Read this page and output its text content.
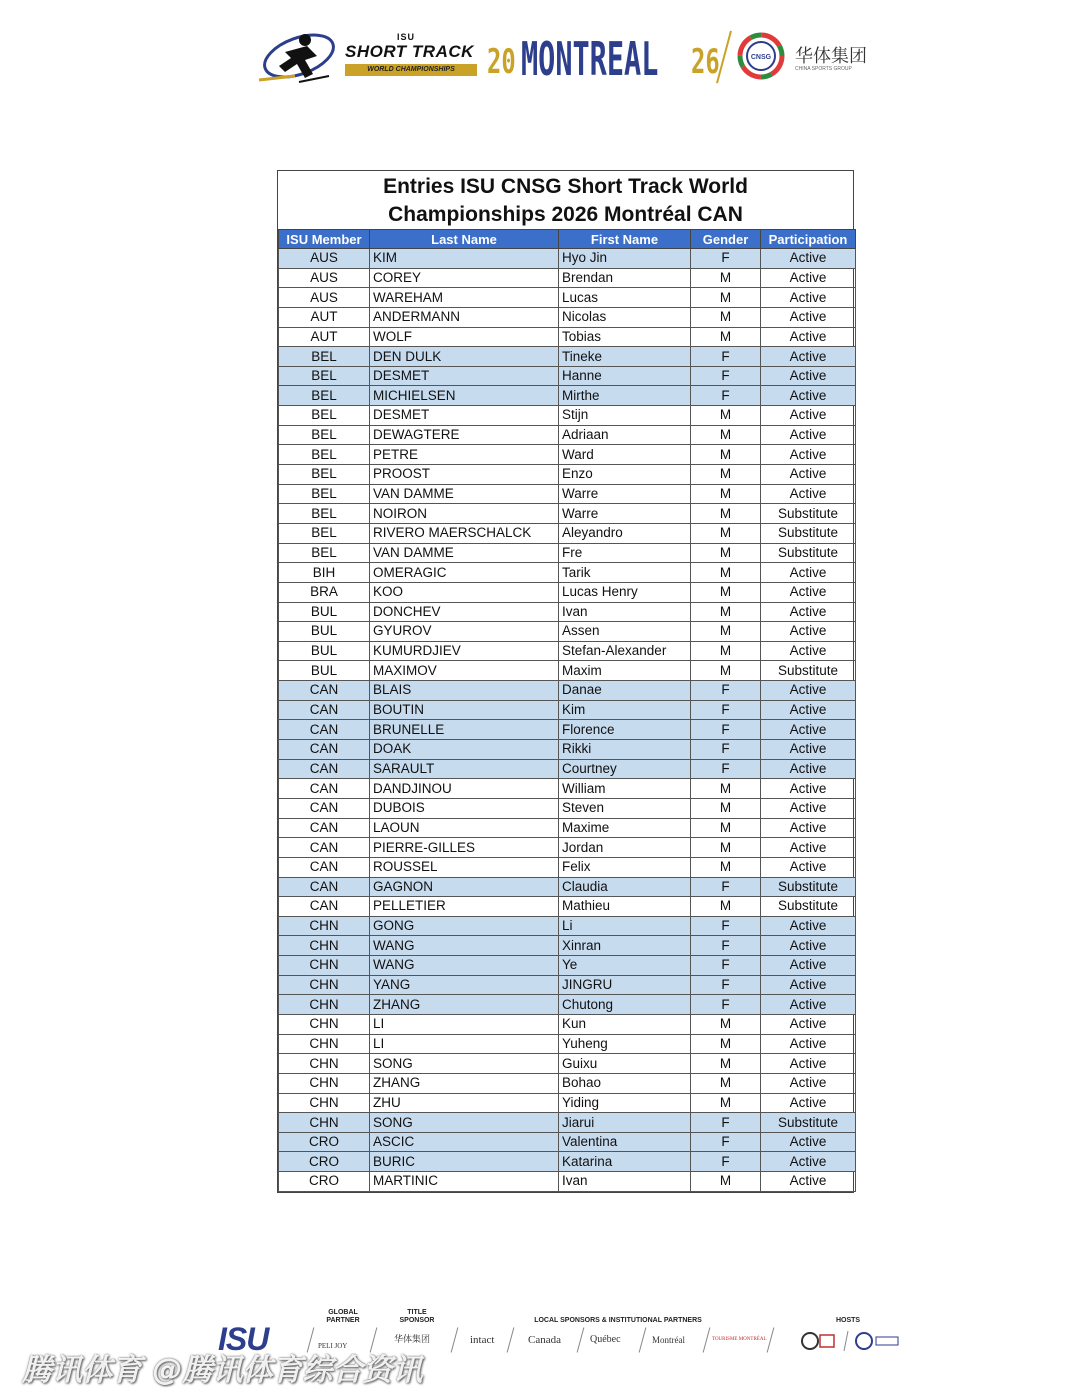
ISU
SHORT TRACK
WORLD CHAMPIONSHIPS 20 MONTREAL 26	CNSG 华体集团
CHINA SPORTS GROUP
Entries ISU CNSG Short Track World
Championships 2026 Montréal CAN
ISU Member	Last Name	First Name	Gender	Participation
AUS	KIM	Hyo Jin	F	Active
AUS	COREY	Brendan	M	Active
AUS	WAREHAM	Lucas	M	Active
AUT	ANDERMANN	Nicolas	M	Active
AUT	WOLF	Tobias	M	Active
BEL	DEN DULK	Tineke	F	Active
BEL	DESMET	Hanne	F	Active
BEL	MICHIELSEN	Mirthe	F	Active
BEL	DESMET	Stijn	M	Active
BEL	DEWAGTERE	Adriaan	M	Active
BEL	PETRE	Ward	M	Active
BEL	PROOST	Enzo	M	Active
BEL	VAN DAMME	Warre	M	Active
BEL	NOIRON	Warre	M	Substitute
BEL	RIVERO MAERSCHALCK	Aleyandro	M	Substitute
BEL	VAN DAMME	Fre	M	Substitute
BIH	OMERAGIC	Tarik	M	Active
BRA	KOO	Lucas Henry	M	Active
BUL	DONCHEV	Ivan	M	Active
BUL	GYUROV	Assen	M	Active
BUL	KUMURDJIEV	Stefan-Alexander	M	Active
BUL	MAXIMOV	Maxim	M	Substitute
CAN	BLAIS	Danae	F	Active
CAN	BOUTIN	Kim	F	Active
CAN	BRUNELLE	Florence	F	Active
CAN	DOAK	Rikki	F	Active
CAN	SARAULT	Courtney	F	Active
CAN	DANDJINOU	William	M	Active
CAN	DUBOIS	Steven	M	Active
CAN	LAOUN	Maxime	M	Active
CAN	PIERRE-GILLES	Jordan	M	Active
CAN	ROUSSEL	Felix	M	Active
CAN	GAGNON	Claudia	F	Substitute
CAN	PELLETIER	Mathieu	M	Substitute
CHN	GONG	Li	F	Active
CHN	WANG	Xinran	F	Active
CHN	WANG	Ye	F	Active
CHN	YANG	JINGRU	F	Active
CHN	ZHANG	Chutong	F	Active
CHN	LI	Kun	M	Active
CHN	LI	Yuheng	M	Active
CHN	SONG	Guixu	M	Active
CHN	ZHANG	Bohao	M	Active
CHN	ZHU	Yiding	M	Active
CHN	SONG	Jiarui	F	Substitute
CRO	ASCIC	Valentina	F	Active
CRO	BURIC	Katarina	F	Active
CRO	MARTINIC	Ivan	M	Active
ISU
GLOBAL PARTNER
PELI JOY
TITLE SPONSOR
华体集团
LOCAL SPONSORS & INSTITUTIONAL PARTNERS
intact	Canada	Québec	Montréal	TOURISME MONTRÉAL
HOSTS
腾讯体育 @腾讯体育综合资讯
